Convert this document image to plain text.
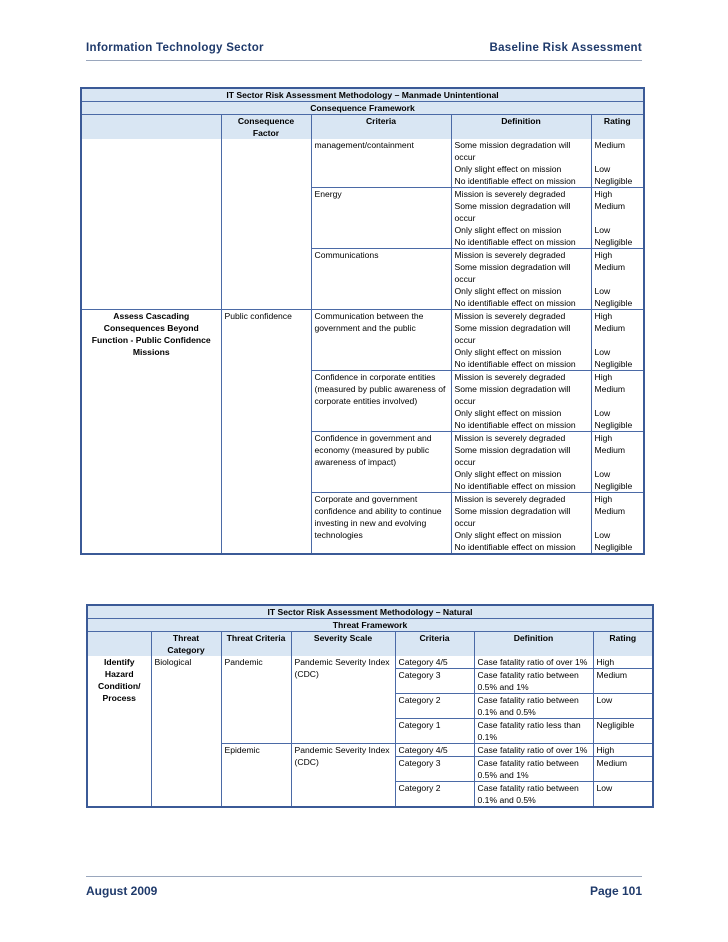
Information Technology Sector	Baseline Risk Assessment
IT Sector Risk Assessment Methodology – Manmade Unintentional				
Consequence Framework				
	Consequence Factor	Criteria	Definition	Rating
		management/containment	Some mission degradation will occur	Medium
			Only slight effect on mission	Low
			No identifiable effect on mission	Negligible
		Energy	Mission is severely degraded	High
			Some mission degradation will occur	Medium
			Only slight effect on mission	Low
			No identifiable effect on mission	Negligible
		Communications	Mission is severely degraded	High
			Some mission degradation will occur	Medium
			Only slight effect on mission	Low
			No identifiable effect on mission	Negligible
Assess Cascading Consequences Beyond Function - Public Confidence Missions	Public confidence	Communication between the government and the public	Mission is severely degraded	High
			Some mission degradation will occur	Medium
			Only slight effect on mission	Low
			No identifiable effect on mission	Negligible
		Confidence in corporate entities (measured by public awareness of corporate entities involved)	Mission is severely degraded	High
			Some mission degradation will occur	Medium
			Only slight effect on mission	Low
			No identifiable effect on mission	Negligible
		Confidence in government and economy (measured by public awareness of impact)	Mission is severely degraded	High
			Some mission degradation will occur	Medium
			Only slight effect on mission	Low
			No identifiable effect on mission	Negligible
		Corporate and government confidence and ability to continue investing in new and evolving technologies	Mission is severely degraded	High
			Some mission degradation will occur	Medium
			Only slight effect on mission	Low
			No identifiable effect on mission	Negligible
IT Sector Risk Assessment Methodology – Natural						
Threat Framework						
	Threat Category	Threat Criteria	Severity Scale	Criteria	Definition	Rating
Identify Hazard Condition/ Process	Biological	Pandemic	Pandemic Severity Index (CDC)	Category 4/5	Case fatality ratio of over 1%	High
				Category 3	Case fatality ratio between 0.5% and 1%	Medium
				Category 2	Case fatality ratio between 0.1% and 0.5%	Low
				Category 1	Case fatality ratio less than 0.1%	Negligible
		Epidemic	Pandemic Severity Index (CDC)	Category 4/5	Case fatality ratio of over 1%	High
				Category 3	Case fatality ratio between 0.5% and 1%	Medium
				Category 2	Case fatality ratio between 0.1% and 0.5%	Low
August 2009	Page 101
